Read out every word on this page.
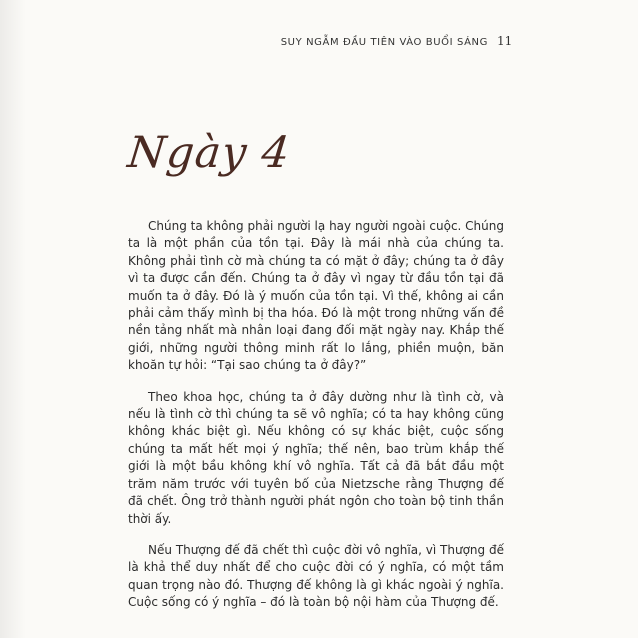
SUY NGẪM ĐẦU TIÊN VÀO BUỔI SÁNG 11
Ngày 4

Chúng ta không phải người lạ hay người ngoài cuộc. Chúng ta là một phần của tồn tại. Đây là mái nhà của chúng ta. Không phải tình cờ mà chúng ta có mặt ở đây; chúng ta ở đây vì ta được cần đến. Chúng ta ở đây vì ngay từ đầu tồn tại đã muốn ta ở đây. Đó là ý muốn của tồn tại. Vì thế, không ai cần phải cảm thấy mình bị tha hóa. Đó là một trong những vấn đề nền tảng nhất mà nhân loại đang đối mặt ngày nay. Khắp thế giới, những người thông minh rất lo lắng, phiền muộn, băn khoăn tự hỏi: “Tại sao chúng ta ở đây?”

Theo khoa học, chúng ta ở đây dường như là tình cờ, và nếu là tình cờ thì chúng ta sẽ vô nghĩa; có ta hay không cũng không khác biệt gì. Nếu không có sự khác biệt, cuộc sống chúng ta mất hết mọi ý nghĩa; thế nên, bao trùm khắp thế giới là một bầu không khí vô nghĩa. Tất cả đã bắt đầu một trăm năm trước với tuyên bố của Nietzsche rằng Thượng đế đã chết. Ông trở thành người phát ngôn cho toàn bộ tinh thần thời ấy.

Nếu Thượng đế đã chết thì cuộc đời vô nghĩa, vì Thượng đế là khả thể duy nhất để cho cuộc đời có ý nghĩa, có một tầm quan trọng nào đó. Thượng đế không là gì khác ngoài ý nghĩa. Cuộc sống có ý nghĩa – đó là toàn bộ nội hàm của Thượng đế.
